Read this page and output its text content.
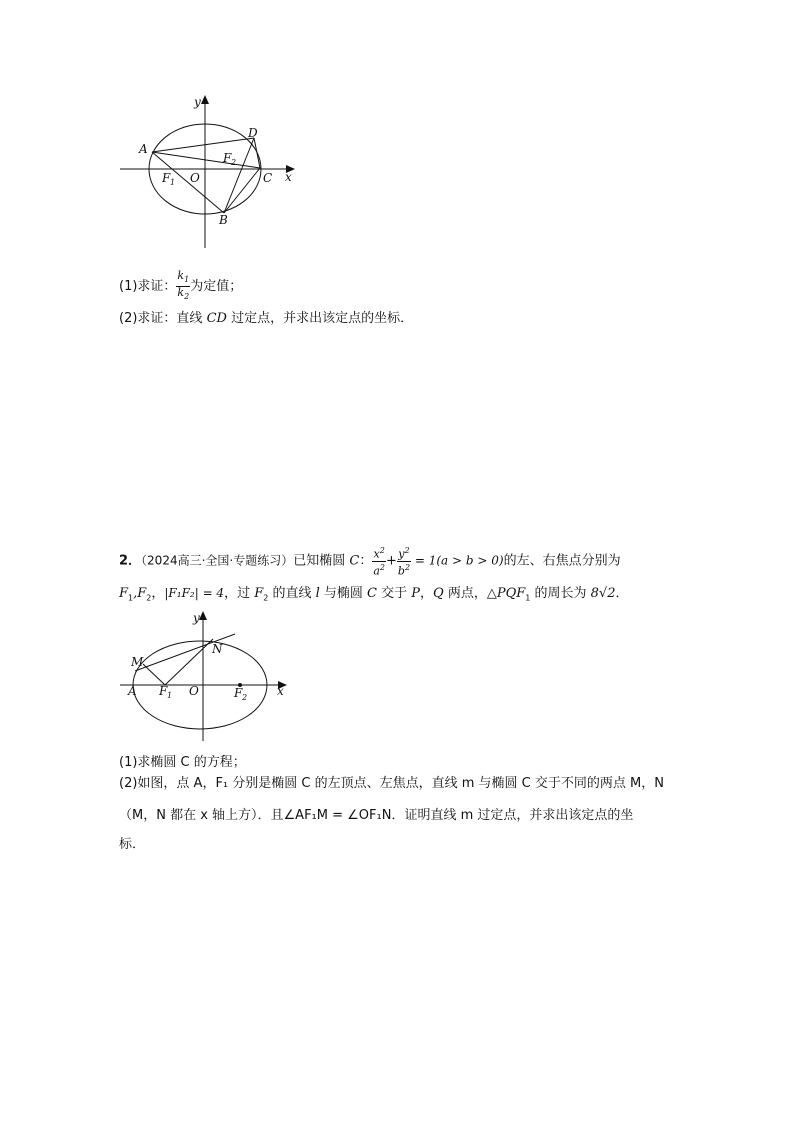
y
x
A
D
C
B
O
F 1
F 2
(1)求证： $\frac{k_1}{k_2}$ 为定值；
(2)求证：直线 CD 过定点，并求出该定点的坐标．
2．（2024高三·全国·专题练习）已知椭圆 C： $\frac{x^2}{a^2} + \frac{y^2}{b^2} = 1(a > b > 0)$的左、右焦点分别为
$F_1,F_2$，|F₁F₂| = 4，过 $F_2$ 的直线 l 与椭圆 C 交于 P，Q 两点，$\triangle PQF_1$ 的周长为 8√2．
y
x
M
N
A	O
F 1	F 2
(1)求椭圆 C 的方程；
(2)如图，点 A，F₁ 分别是椭圆 C 的左顶点、左焦点，直线 m 与椭圆 C 交于不同的两点 M，N
（M，N 都在 x 轴上方）．且∠AF₁M = ∠OF₁N．证明直线 m 过定点，并求出该定点的坐
标．
